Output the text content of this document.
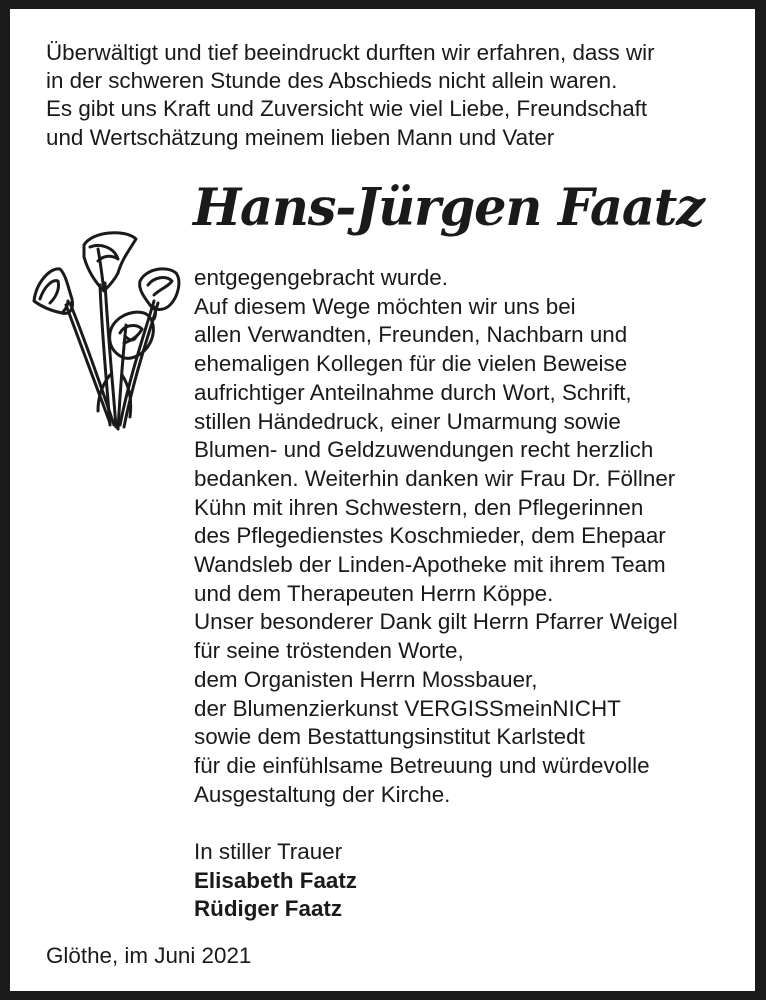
Überwältigt und tief beeindruckt durften wir erfahren, dass wir
in der schweren Stunde des Abschieds nicht allein waren.
Es gibt uns Kraft und Zuversicht wie viel Liebe, Freundschaft
und Wertschätzung meinem lieben Mann und Vater
Hans-Jürgen Faatz
entgegengebracht wurde.
Auf diesem Wege möchten wir uns bei
allen Verwandten, Freunden, Nachbarn und
ehemaligen Kollegen für die vielen Beweise
aufrichtiger Anteilnahme durch Wort, Schrift,
stillen Händedruck, einer Umarmung sowie
Blumen- und Geldzuwendungen recht herzlich
bedanken. Weiterhin danken wir Frau Dr. Föllner
Kühn mit ihren Schwestern, den Pflegerinnen
des Pflegedienstes Koschmieder, dem Ehepaar
Wandsleb der Linden-Apotheke mit ihrem Team
und dem Therapeuten Herrn Köppe.
Unser besonderer Dank gilt Herrn Pfarrer Weigel
für seine tröstenden Worte,
dem Organisten Herrn Mossbauer,
der Blumenzierkunst VERGISSmeinNICHT
sowie dem Bestattungsinstitut Karlstedt
für die einfühlsame Betreuung und würdevolle
Ausgestaltung der Kirche.
In stiller Trauer
Elisabeth Faatz
Rüdiger Faatz
Glöthe, im Juni 2021
